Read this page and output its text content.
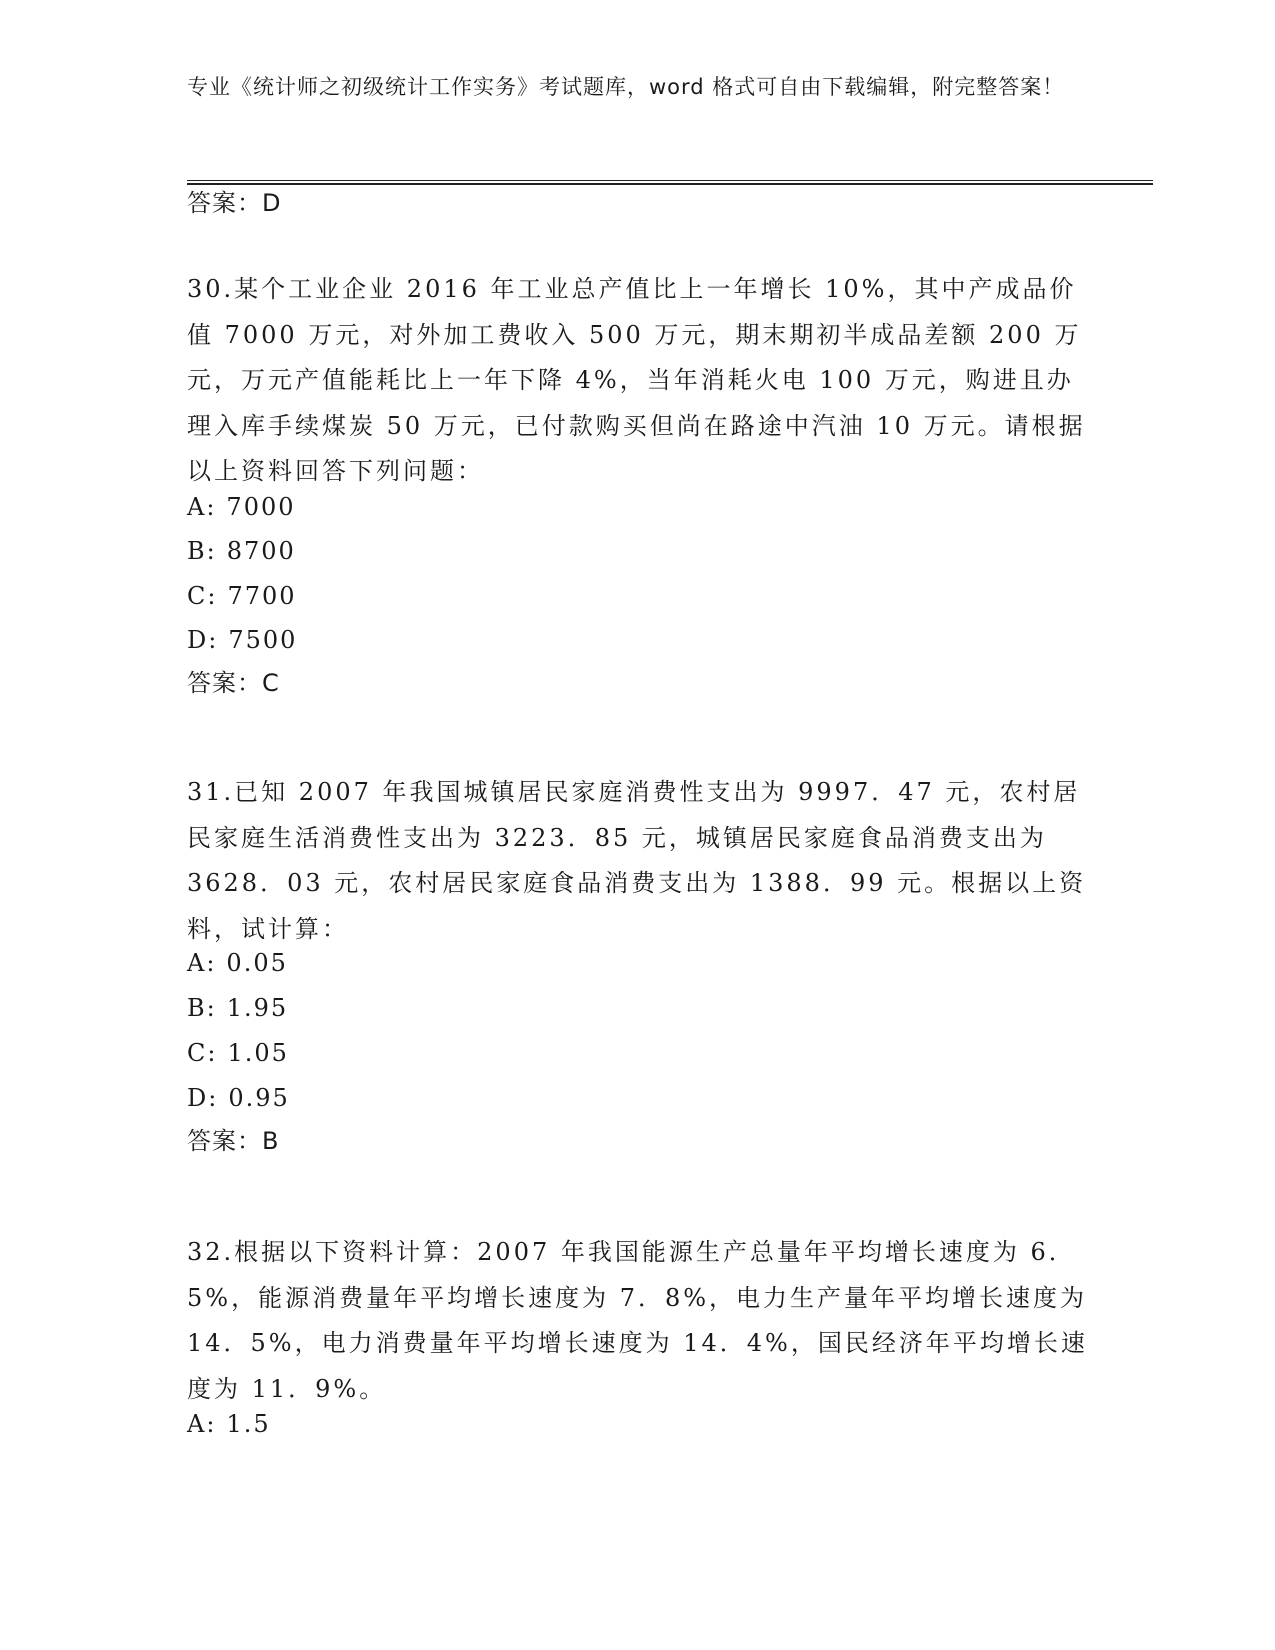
专业《统计师之初级统计工作实务》考试题库，word 格式可自由下载编辑，附完整答案！
答案：D
30.某个工业企业 2016 年工业总产值比上一年增长 10%，其中产成品价值 7000 万元，对外加工费收入 500 万元，期末期初半成品差额 200 万元，万元产值能耗比上一年下降 4%，当年消耗火电 100 万元，购进且办理入库手续煤炭 50 万元，已付款购买但尚在路途中汽油 10 万元。请根据以上资料回答下列问题：
A: 7000
B: 8700
C: 7700
D: 7500
答案：C
31.已知 2007 年我国城镇居民家庭消费性支出为 9997．47 元，农村居民家庭生活消费性支出为 3223．85 元，城镇居民家庭食品消费支出为 3628．03 元，农村居民家庭食品消费支出为 1388．99 元。根据以上资料，试计算：
A: 0.05
B: 1.95
C: 1.05
D: 0.95
答案：B
32.根据以下资料计算：2007 年我国能源生产总量年平均增长速度为 6．5%，能源消费量年平均增长速度为 7．8%，电力生产量年平均增长速度为 14．5%，电力消费量年平均增长速度为 14．4%，国民经济年平均增长速度为 11．9%。
A: 1.5
